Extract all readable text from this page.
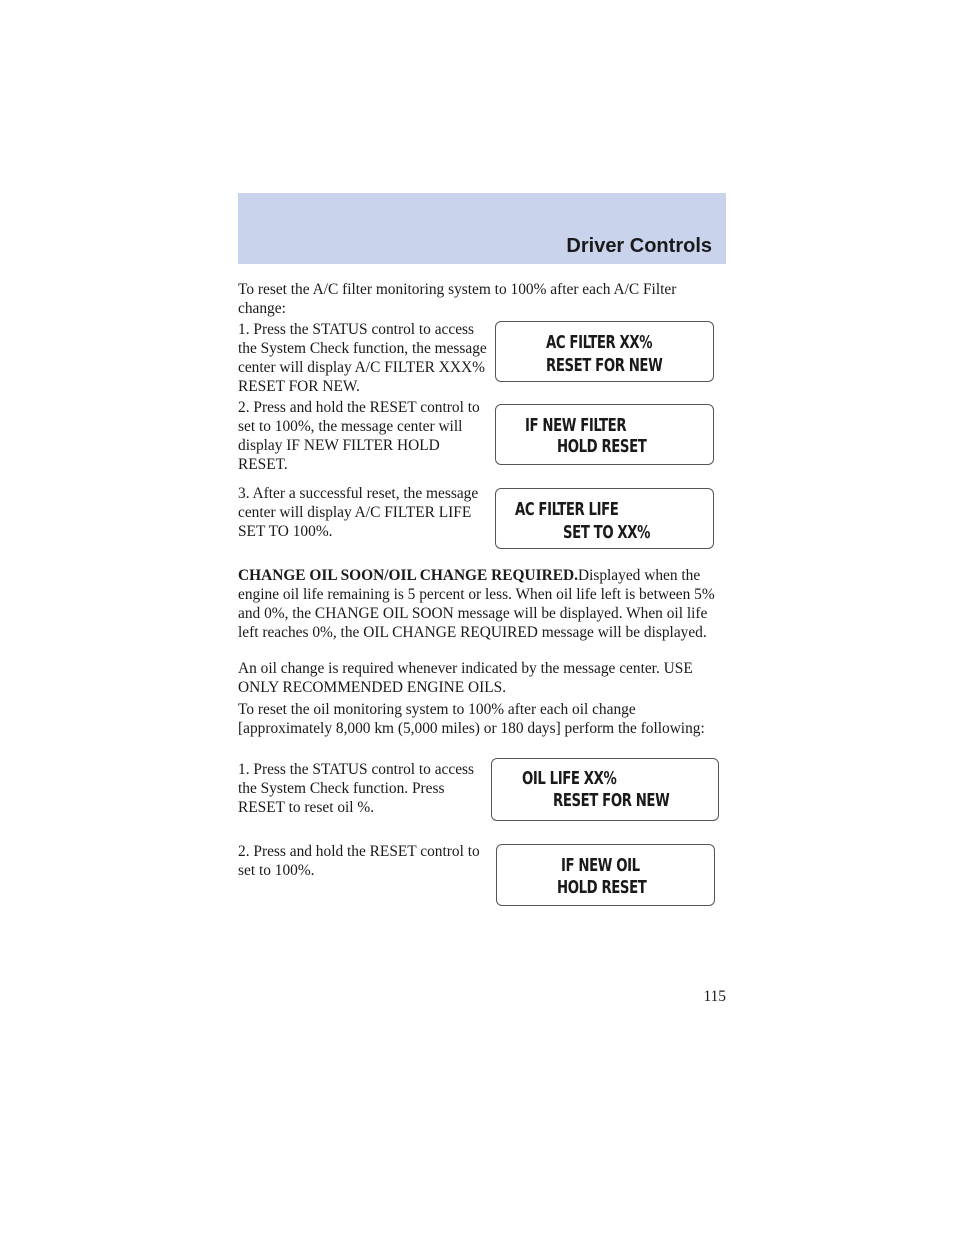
Driver Controls

To reset the A/C filter monitoring system to 100% after each A/C Filter change:

1. Press the STATUS control to access the System Check function, the message center will display A/C FILTER XXX% RESET FOR NEW.

2. Press and hold the RESET control to set to 100%, the message center will display IF NEW FILTER HOLD RESET.

3. After a successful reset, the message center will display A/C FILTER LIFE SET TO 100%.

AC FILTER XX%
RESET FOR NEW
IF NEW FILTER
HOLD RESET
AC FILTER LIFE
SET TO XX%

CHANGE OIL SOON/OIL CHANGE REQUIRED.Displayed when the engine oil life remaining is 5 percent or less. When oil life left is between 5% and 0%, the CHANGE OIL SOON message will be displayed. When oil life left reaches 0%, the OIL CHANGE REQUIRED message will be displayed.

An oil change is required whenever indicated by the message center. USE ONLY RECOMMENDED ENGINE OILS.

To reset the oil monitoring system to 100% after each oil change [approximately 8,000 km (5,000 miles) or 180 days] perform the following:

1. Press the STATUS control to access the System Check function. Press RESET to reset oil %.

2. Press and hold the RESET control to set to 100%.

OIL LIFE XX%
RESET FOR NEW
IF NEW OIL
HOLD RESET
115
